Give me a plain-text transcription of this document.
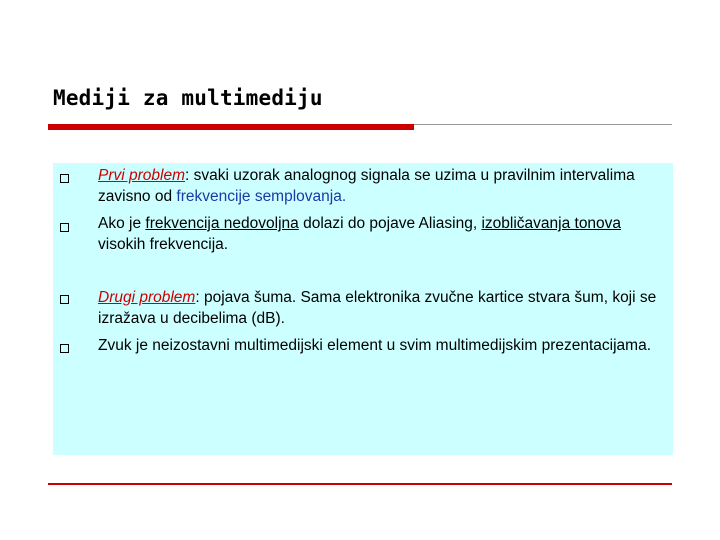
Mediji za multimediju
Prvi problem: svaki uzorak analognog signala se uzima u pravilnim intervalima zavisno od frekvencije semplovanja.
Ako je frekvencija nedovoljna dolazi do pojave Aliasing, izobličavanja tonova visokih frekvencija.
Drugi problem: pojava šuma. Sama elektronika zvučne kartice stvara šum, koji se izražava u decibelima (dB).
Zvuk je neizostavni multimedijski element u svim multimedijskim prezentacijama.
